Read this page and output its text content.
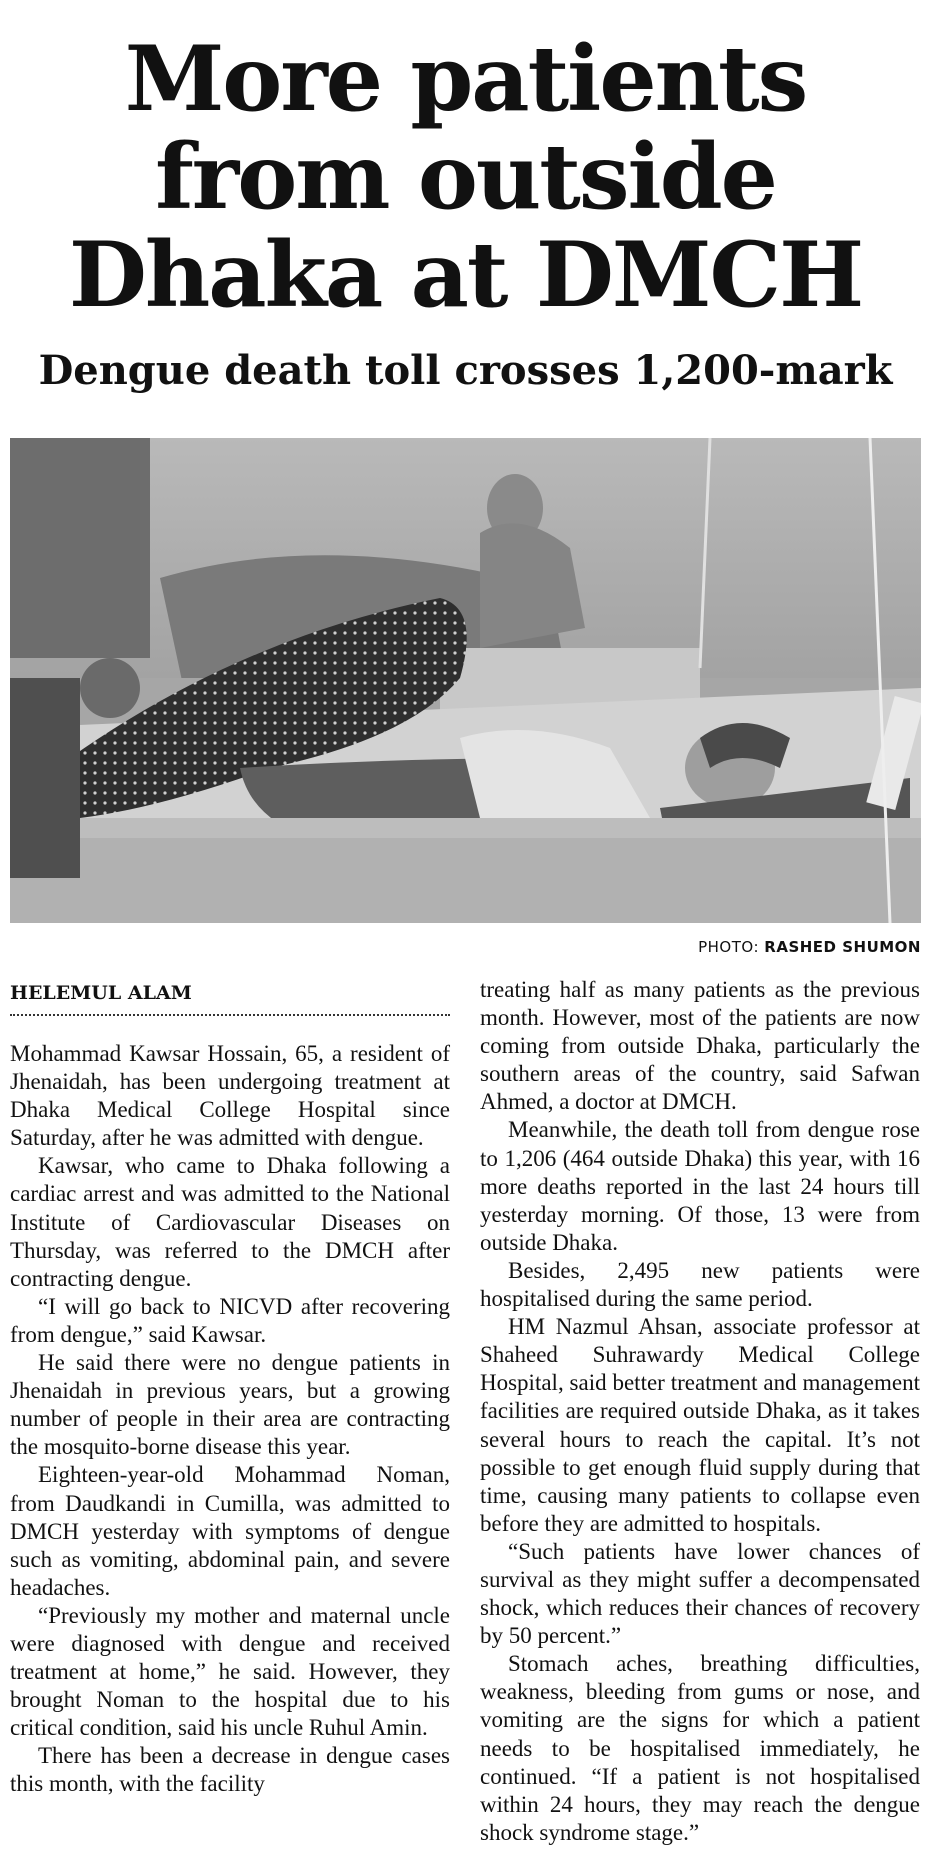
More patients
from outside
Dhaka at DMCH
Dengue death toll crosses 1,200-mark
PHOTO: RASHED SHUMON
HELEMUL ALAM

Mohammad Kawsar Hossain, 65, a resident of Jhenaidah, has been undergoing treatment at Dhaka Medical College Hospital since Saturday, after he was admitted with dengue.

Kawsar, who came to Dhaka following a cardiac arrest and was admitted to the National Institute of Cardiovascular Diseases on Thursday, was referred to the DMCH after contracting dengue.

“I will go back to NICVD after recovering from dengue,” said Kawsar.

He said there were no dengue patients in Jhenaidah in previous years, but a growing number of people in their area are contracting the mosquito-borne disease this year.

Eighteen-year-old Mohammad Noman, from Daudkandi in Cumilla, was admitted to DMCH yesterday with symptoms of dengue such as vomiting, abdominal pain, and severe headaches.

“Previously my mother and maternal uncle were diagnosed with dengue and received treatment at home,” he said. However, they brought Noman to the hospital due to his critical condition, said his uncle Ruhul Amin.

There has been a decrease in dengue cases this month, with the facility

treating half as many patients as the previous month. However, most of the patients are now coming from outside Dhaka, particularly the southern areas of the country, said Safwan Ahmed, a doctor at DMCH.

Meanwhile, the death toll from dengue rose to 1,206 (464 outside Dhaka) this year, with 16 more deaths reported in the last 24 hours till yesterday morning. Of those, 13 were from outside Dhaka.

Besides, 2,495 new patients were hospitalised during the same period.

HM Nazmul Ahsan, associate professor at Shaheed Suhrawardy Medical College Hospital, said better treatment and management facilities are required outside Dhaka, as it takes several hours to reach the capital. It’s not possible to get enough fluid supply during that time, causing many patients to collapse even before they are admitted to hospitals.

“Such patients have lower chances of survival as they might suffer a decompensated shock, which reduces their chances of recovery by 50 percent.”

Stomach aches, breathing difficulties, weakness, bleeding from gums or nose, and vomiting are the signs for which a patient needs to be hospitalised immediately, he continued. “If a patient is not hospitalised within 24 hours, they may reach the dengue shock syndrome stage.”
